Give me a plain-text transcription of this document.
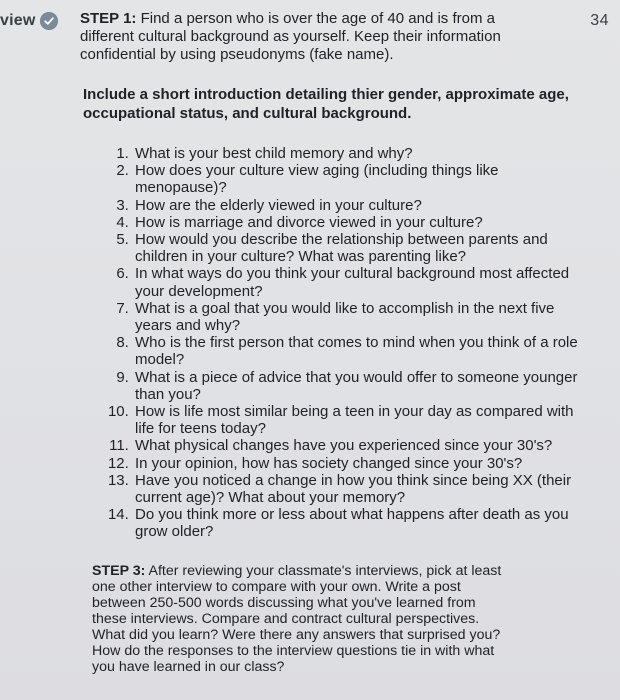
view	34

STEP 1: Find a person who is over the age of 40 and is from a different cultural background as yourself. Keep their information confidential by using pseudonyms (fake name).

Include a short introduction detailing thier gender, approximate age, occupational status, and cultural background.

1. What is your best child memory and why?
2. How does your culture view aging (including things like menopause)?
3. How are the elderly viewed in your culture?
4. How is marriage and divorce viewed in your culture?
5. How would you describe the relationship between parents and children in your culture? What was parenting like?
6. In what ways do you think your cultural background most affected your development?
7. What is a goal that you would like to accomplish in the next five years and why?
8. Who is the first person that comes to mind when you think of a role model?
9. What is a piece of advice that you would offer to someone younger than you?
10. How is life most similar being a teen in your day as compared with life for teens today?
11. What physical changes have you experienced since your 30's?
12. In your opinion, how has society changed since your 30's?
13. Have you noticed a change in how you think since being XX (their current age)? What about your memory?
14. Do you think more or less about what happens after death as you grow older?

STEP 3: After reviewing your classmate's interviews, pick at least one other interview to compare with your own. Write a post between 250-500 words discussing what you've learned from these interviews. Compare and contract cultural perspectives. What did you learn? Were there any answers that surprised you? How do the responses to the interview questions tie in with what you have learned in our class?
